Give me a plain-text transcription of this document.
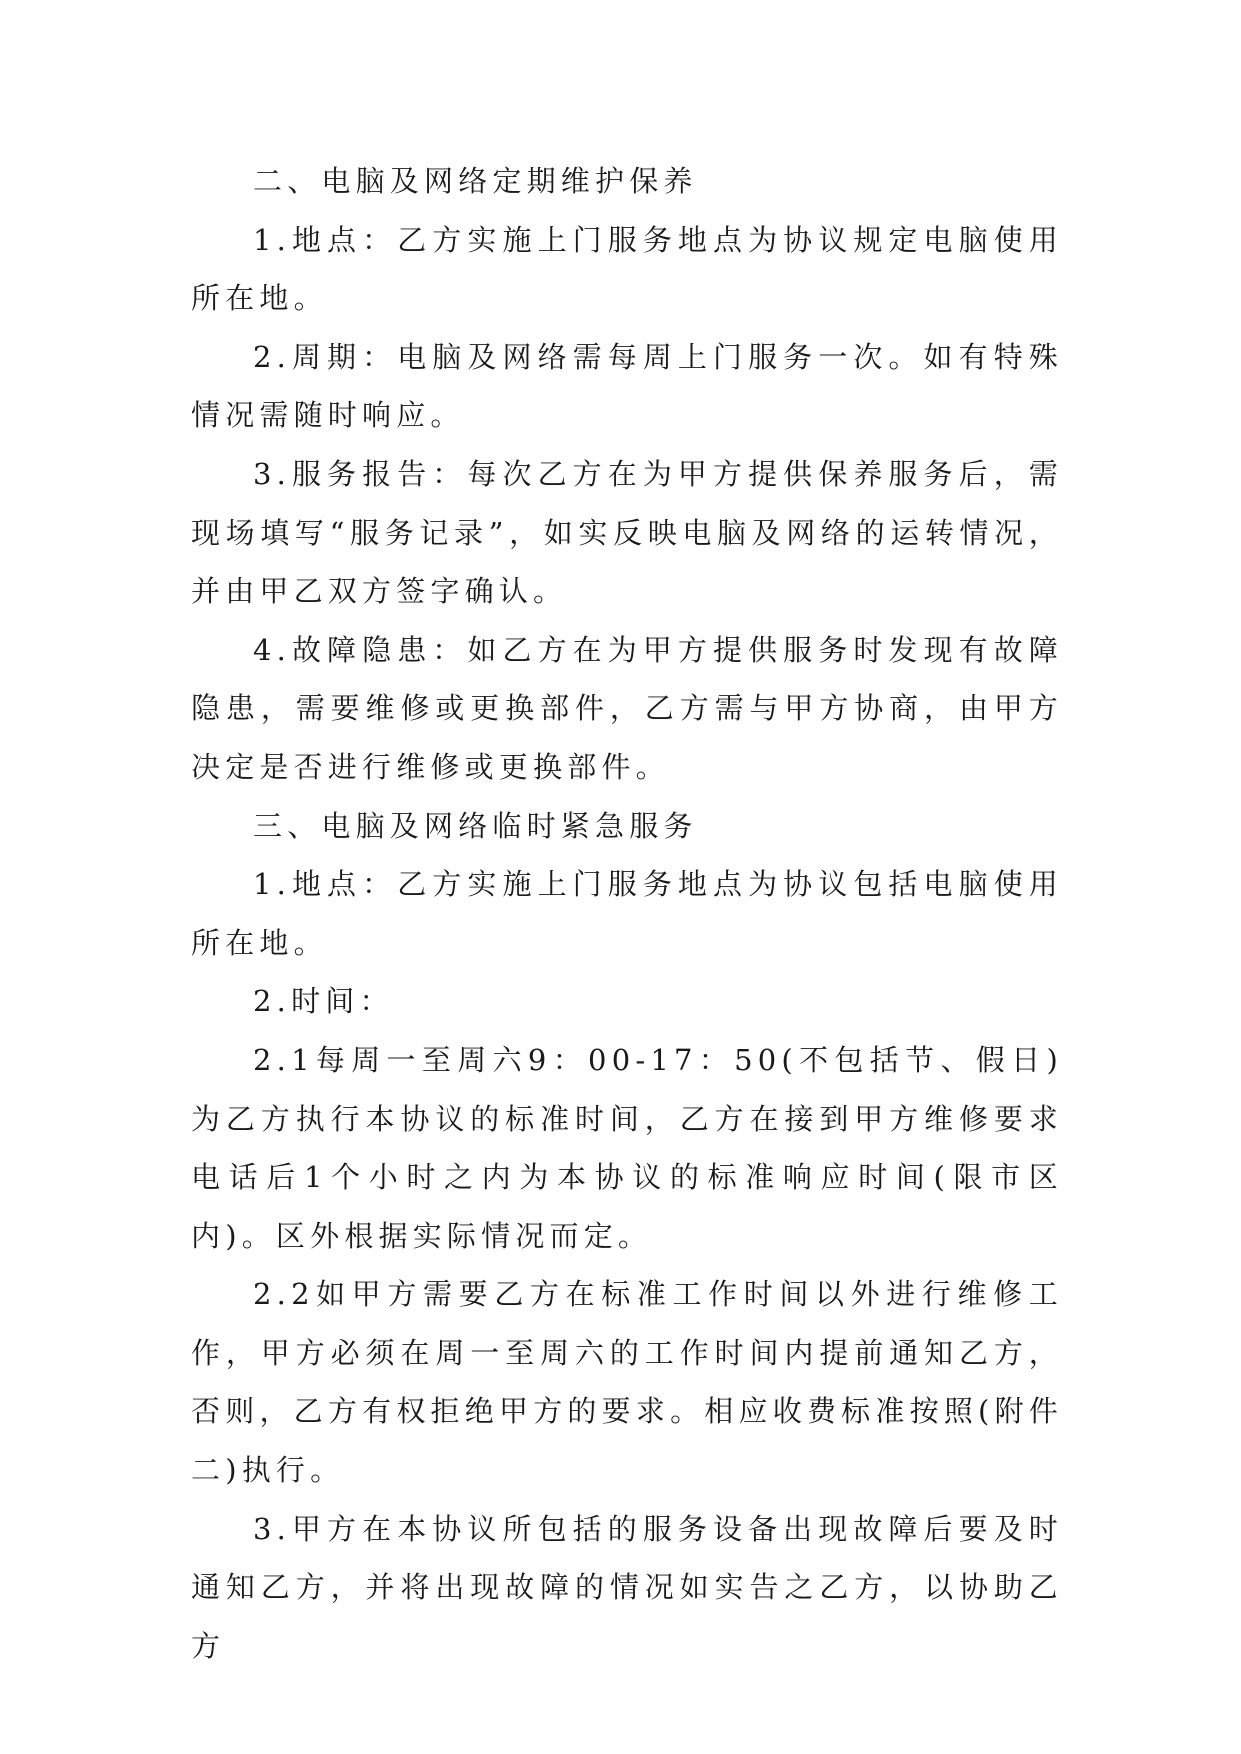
二、电脑及网络定期维护保养

1.地点：乙方实施上门服务地点为协议规定电脑使用所在地。

2.周期：电脑及网络需每周上门服务一次。如有特殊情况需随时响应。

3.服务报告：每次乙方在为甲方提供保养服务后，需现场填写“服务记录”，如实反映电脑及网络的运转情况，并由甲乙双方签字确认。

4.故障隐患：如乙方在为甲方提供服务时发现有故障隐患，需要维修或更换部件，乙方需与甲方协商，由甲方决定是否进行维修或更换部件。

三、电脑及网络临时紧急服务

1.地点：乙方实施上门服务地点为协议包括电脑使用所在地。

2.时间：

2.1每周一至周六9：00-17：50(不包括节、假日)为乙方执行本协议的标准时间，乙方在接到甲方维修要求电话后1个小时之内为本协议的标准响应时间(限市区内)。区外根据实际情况而定。

2.2如甲方需要乙方在标准工作时间以外进行维修工作，甲方必须在周一至周六的工作时间内提前通知乙方，否则，乙方有权拒绝甲方的要求。相应收费标准按照(附件二)执行。

3.甲方在本协议所包括的服务设备出现故障后要及时通知乙方，并将出现故障的情况如实告之乙方，以协助乙方
